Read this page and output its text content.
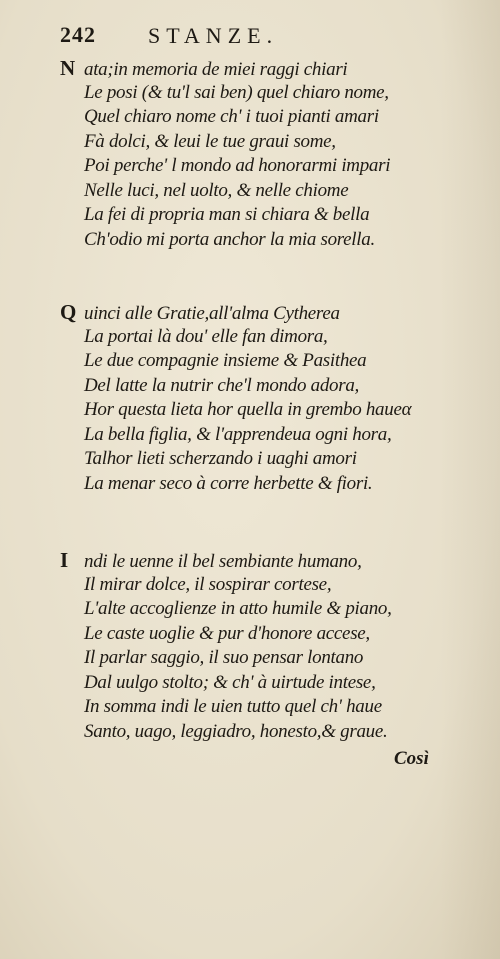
242 STANZE.
N ata;in memoria de miei raggi chiari
Le posi (& tu'l sai ben) quel chiaro nome,
Quel chiaro nome ch' i tuoi pianti amari
Fà dolci, & leui le tue graui some,
Poi perche' l mondo ad honorarmi impari
Nelle luci, nel uolto, & nelle chiome
La fei di propria man si chiara & bella
Ch'odio mi porta anchor la mia sorella.
Q uinci alle Gratie,all'alma Cytherea
La portai là dou' elle fan dimora,
Le due compagnie insieme & Pasithea
Del latte la nutrir che'l mondo adora,
Hor questa lieta hor quella in grembo haueα
La bella figlia, & l'apprendeua ogni hora,
Talhor lieti scherzando i uaghi amori
La menar seco à corre herbette & fiori.
I ndi le uenne il bel sembiante humano,
Il mirar dolce, il sospirar cortese,
L'alte accoglienze in atto humile & piano,
Le caste uoglie & pur d'honore accese,
Il parlar saggio, il suo pensar lontano
Dal uulgo stolto; & ch' à uirtude intese,
In somma indi le uien tutto quel ch' haue
Santo, uago, leggiadro, honesto,& graue.
Così
